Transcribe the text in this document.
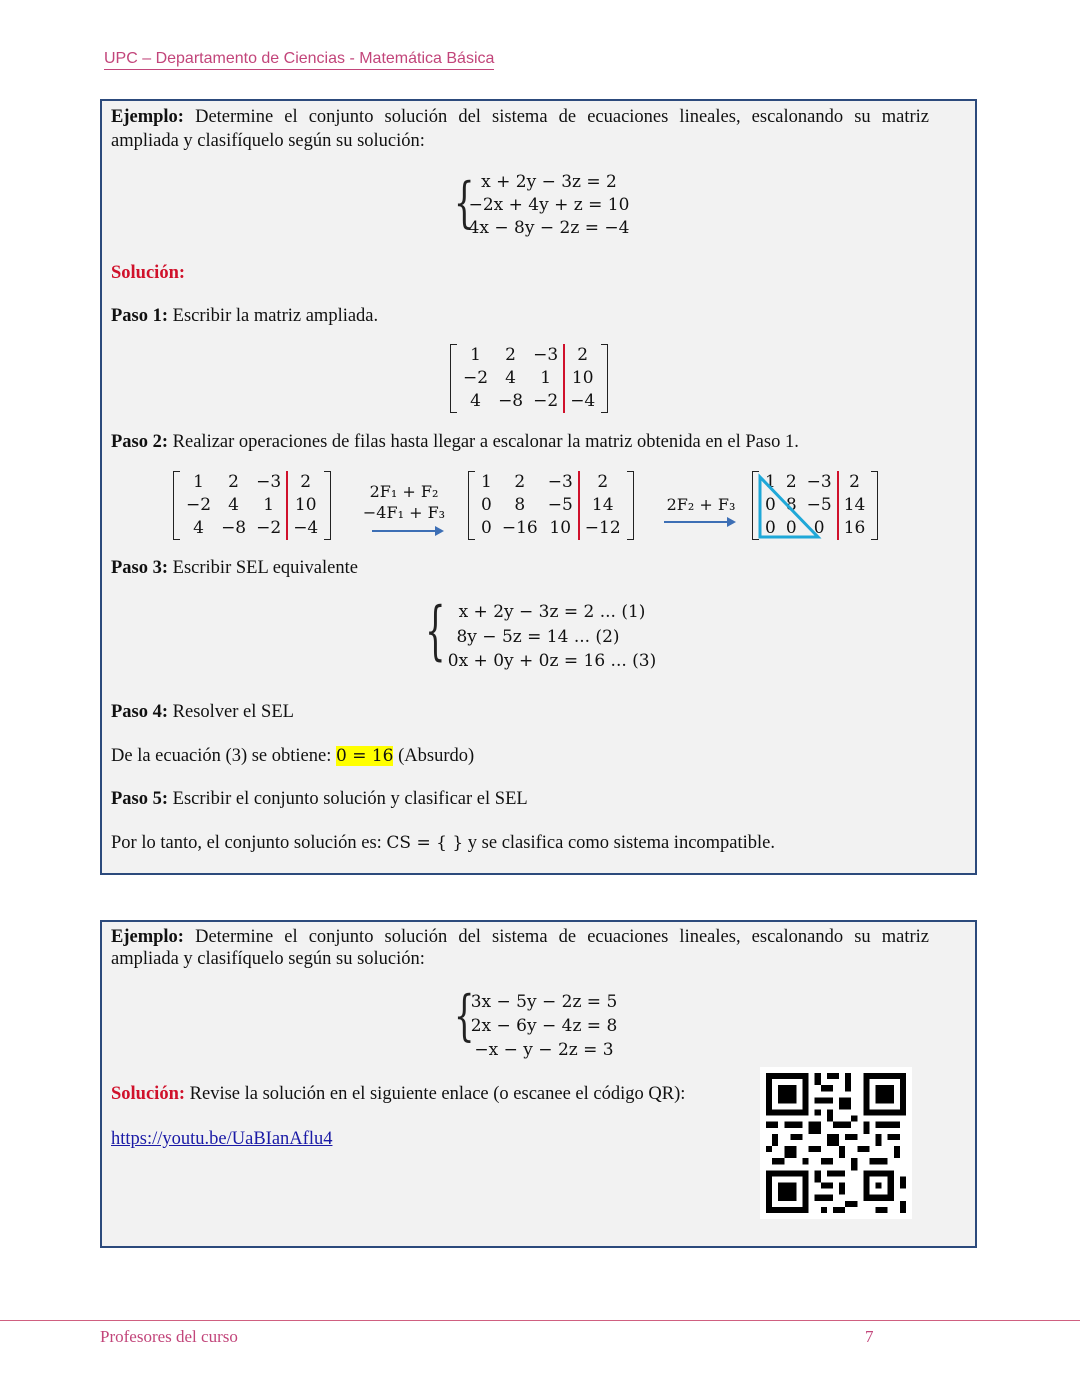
UPC – Departamento de Ciencias - Matemática Básica
Ejemplo: Determine el conjunto solución del sistema de ecuaciones lineales, escalonando su matriz
ampliada y clasifíquelo según su solución:
{ x + 2y − 3z = 2
−2x + 4y + z = 10
4x − 8y − 2z = −4
Solución:
Paso 1: Escribir la matriz ampliada.
1	2	−3	2
−2	4	1	10
4	−8	−2	−4
Paso 2: Realizar operaciones de filas hasta llegar a escalonar la matriz obtenida en el Paso 1.
1	2	−3	2
−2	4	1	10
4	−8	−2	−4
2F₁ + F₂
−4F₁ + F₃
1	2	−3	2
0	8	−5	14
0	−16	10	−12
2F₂ + F₃
1	2	−3	2
0	8	−5	14
0	0	0	16
Paso 3: Escribir SEL equivalente
{ x + 2y − 3z = 2 ... (1)
8y − 5z = 14 ... (2)
0x + 0y + 0z = 16 ... (3)
Paso 4: Resolver el SEL
De la ecuación (3) se obtiene: 0 = 16 (Absurdo)
Paso 5: Escribir el conjunto solución y clasificar el SEL
Por lo tanto, el conjunto solución es: CS = { } y se clasifica como sistema incompatible.
Ejemplo: Determine el conjunto solución del sistema de ecuaciones lineales, escalonando su matriz
ampliada y clasifíquelo según su solución:
{
3x − 5y − 2z = 5
2x − 6y − 4z = 8
−x − y − 2z = 3
Solución: Revise la solución en el siguiente enlace (o escanee el código QR):
https://youtu.be/UaBIanAflu4
Profesores del curso	7
